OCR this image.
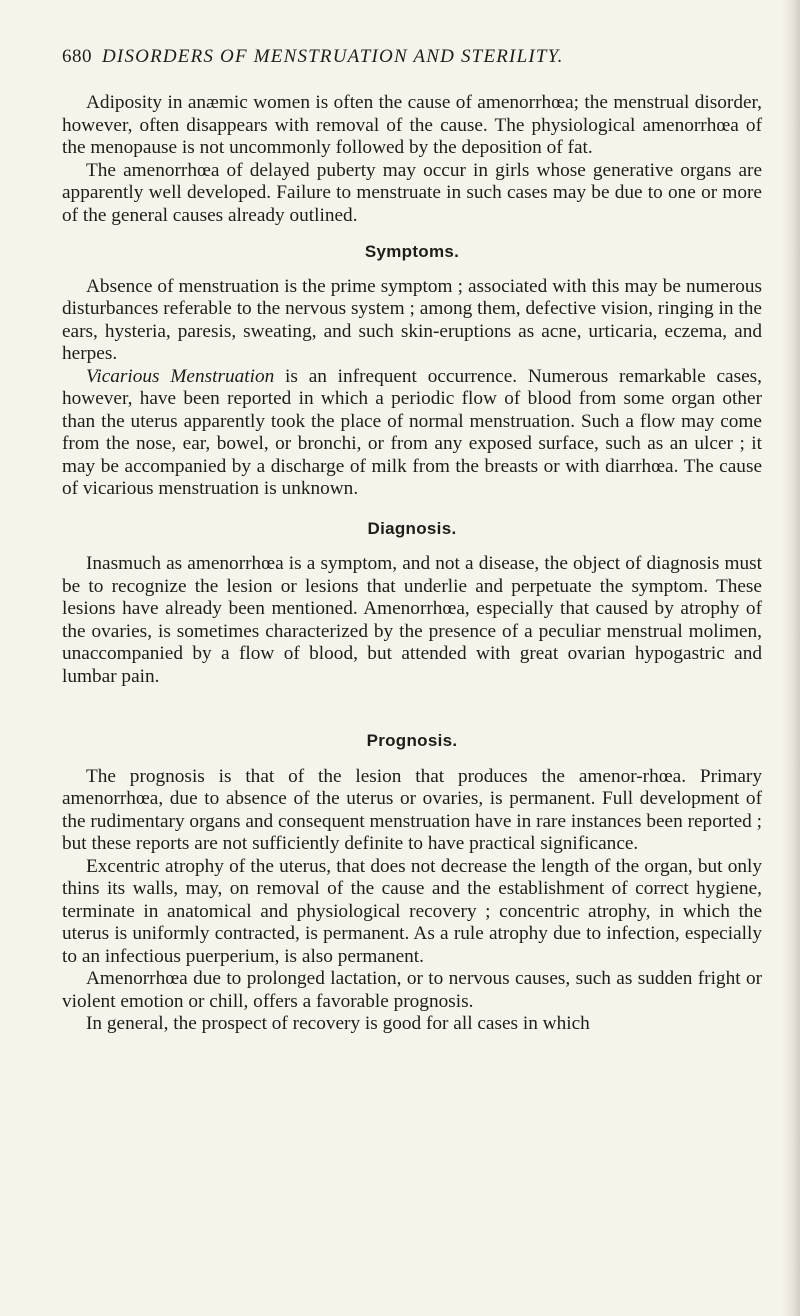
680 DISORDERS OF MENSTRUATION AND STERILITY.

Adiposity in anæmic women is often the cause of amenorrhœa; the menstrual disorder, however, often disappears with removal of the cause. The physiological amenorrhœa of the menopause is not uncommonly followed by the deposition of fat.

The amenorrhœa of delayed puberty may occur in girls whose generative organs are apparently well developed. Failure to menstruate in such cases may be due to one or more of the general causes already outlined.

Symptoms.

Absence of menstruation is the prime symptom ; associated with this may be numerous disturbances referable to the nervous system ; among them, defective vision, ringing in the ears, hysteria, paresis, sweating, and such skin-eruptions as acne, urticaria, eczema, and herpes.

Vicarious Menstruation is an infrequent occurrence. Numerous remarkable cases, however, have been reported in which a periodic flow of blood from some organ other than the uterus apparently took the place of normal menstruation. Such a flow may come from the nose, ear, bowel, or bronchi, or from any exposed surface, such as an ulcer ; it may be accompanied by a discharge of milk from the breasts or with diarrhœa. The cause of vicarious menstruation is unknown.

Diagnosis.

Inasmuch as amenorrhœa is a symptom, and not a disease, the object of diagnosis must be to recognize the lesion or lesions that underlie and perpetuate the symptom. These lesions have already been mentioned. Amenorrhœa, especially that caused by atrophy of the ovaries, is sometimes characterized by the presence of a peculiar menstrual molimen, unaccompanied by a flow of blood, but attended with great ovarian hypogastric and lumbar pain.

Prognosis.

The prognosis is that of the lesion that produces the amenor-rhœa. Primary amenorrhœa, due to absence of the uterus or ovaries, is permanent. Full development of the rudimentary organs and consequent menstruation have in rare instances been reported ; but these reports are not sufficiently definite to have practical significance.

Excentric atrophy of the uterus, that does not decrease the length of the organ, but only thins its walls, may, on removal of the cause and the establishment of correct hygiene, terminate in anatomical and physiological recovery ; concentric atrophy, in which the uterus is uniformly contracted, is permanent. As a rule atrophy due to infection, especially to an infectious puerperium, is also permanent.

Amenorrhœa due to prolonged lactation, or to nervous causes, such as sudden fright or violent emotion or chill, offers a favorable prognosis.

In general, the prospect of recovery is good for all cases in which
